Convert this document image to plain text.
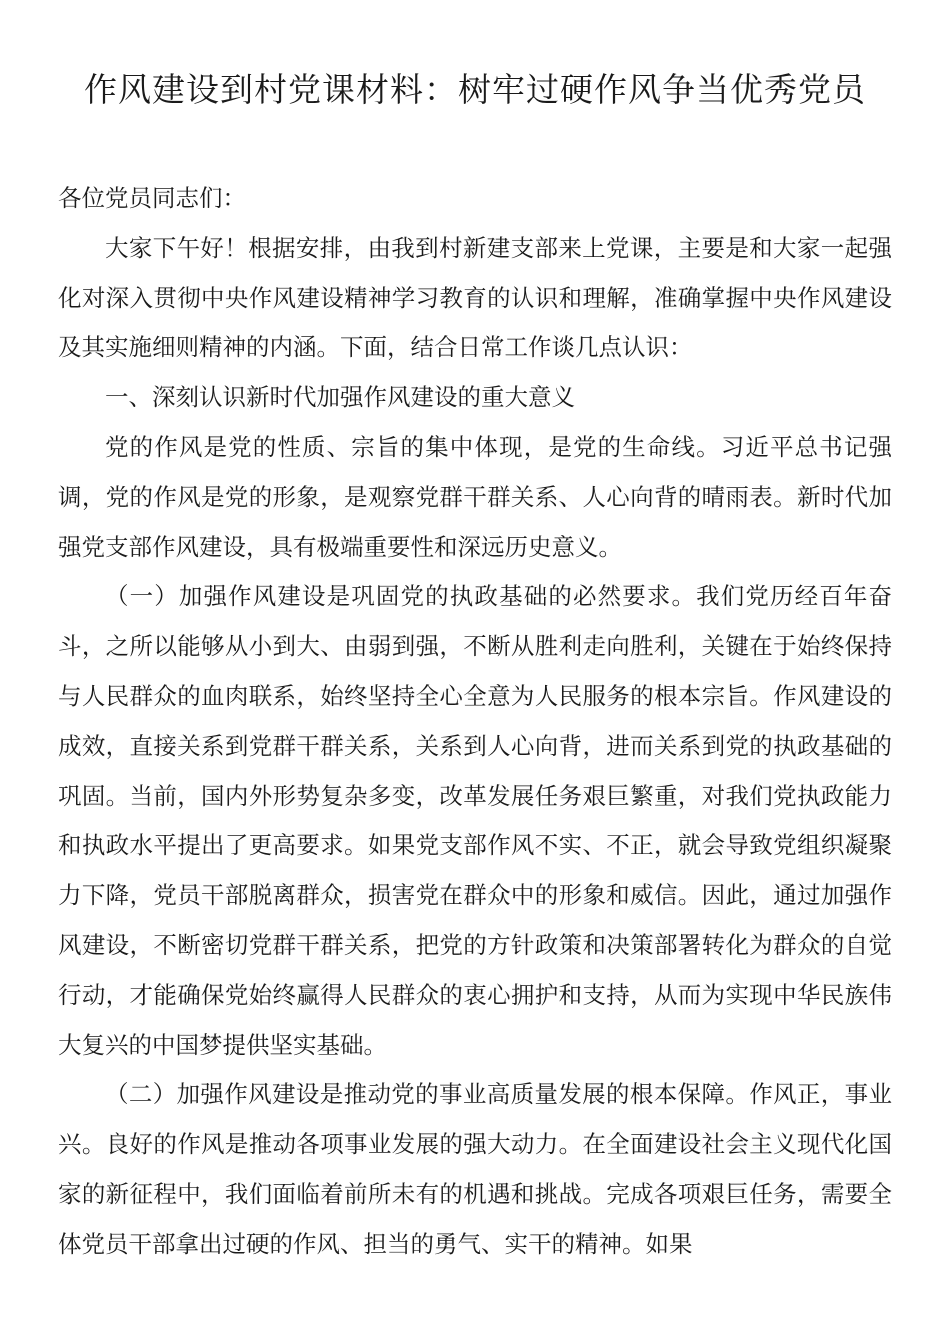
作风建设到村党课材料：树牢过硬作风争当优秀党员

各位党员同志们：

大家下午好！根据安排，由我到村新建支部来上党课，主要是和大家一起强化对深入贯彻中央作风建设精神学习教育的认识和理解，准确掌握中央作风建设及其实施细则精神的内涵。下面，结合日常工作谈几点认识：

一、深刻认识新时代加强作风建设的重大意义

党的作风是党的性质、宗旨的集中体现，是党的生命线。习近平总书记强调，党的作风是党的形象，是观察党群干群关系、人心向背的晴雨表。新时代加强党支部作风建设，具有极端重要性和深远历史意义。

（一）加强作风建设是巩固党的执政基础的必然要求。我们党历经百年奋斗，之所以能够从小到大、由弱到强，不断从胜利走向胜利，关键在于始终保持与人民群众的血肉联系，始终坚持全心全意为人民服务的根本宗旨。作风建设的成效，直接关系到党群干群关系，关系到人心向背，进而关系到党的执政基础的巩固。当前，国内外形势复杂多变，改革发展任务艰巨繁重，对我们党执政能力和执政水平提出了更高要求。如果党支部作风不实、不正，就会导致党组织凝聚力下降，党员干部脱离群众，损害党在群众中的形象和威信。因此，通过加强作风建设，不断密切党群干群关系，把党的方针政策和决策部署转化为群众的自觉行动，才能确保党始终赢得人民群众的衷心拥护和支持，从而为实现中华民族伟大复兴的中国梦提供坚实基础。

（二）加强作风建设是推动党的事业高质量发展的根本保障。作风正，事业兴。良好的作风是推动各项事业发展的强大动力。在全面建设社会主义现代化国家的新征程中，我们面临着前所未有的机遇和挑战。完成各项艰巨任务，需要全体党员干部拿出过硬的作风、担当的勇气、实干的精神。如果
